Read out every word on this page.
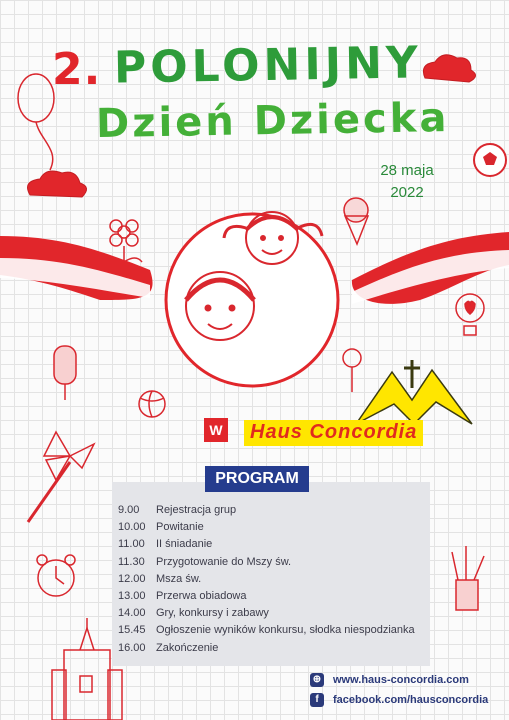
2. POLONIJNY
Dzień Dziecka
28 maja
2022
W	Haus Concordia
PROGRAM
9.00	Rejestracja grup
10.00 Powitanie
11.00	II śniadanie
11.30	Przygotowanie do Mszy św.
12.00 Msza św.
13.00 Przerwa obiadowa
14.00 Gry, konkursy i zabawy
15.45 Ogłoszenie wyników konkursu, słodka niespodzianka
16.00 Zakończenie
⊕ www.haus-concordia.com
f	facebook.com/hausconcordia
